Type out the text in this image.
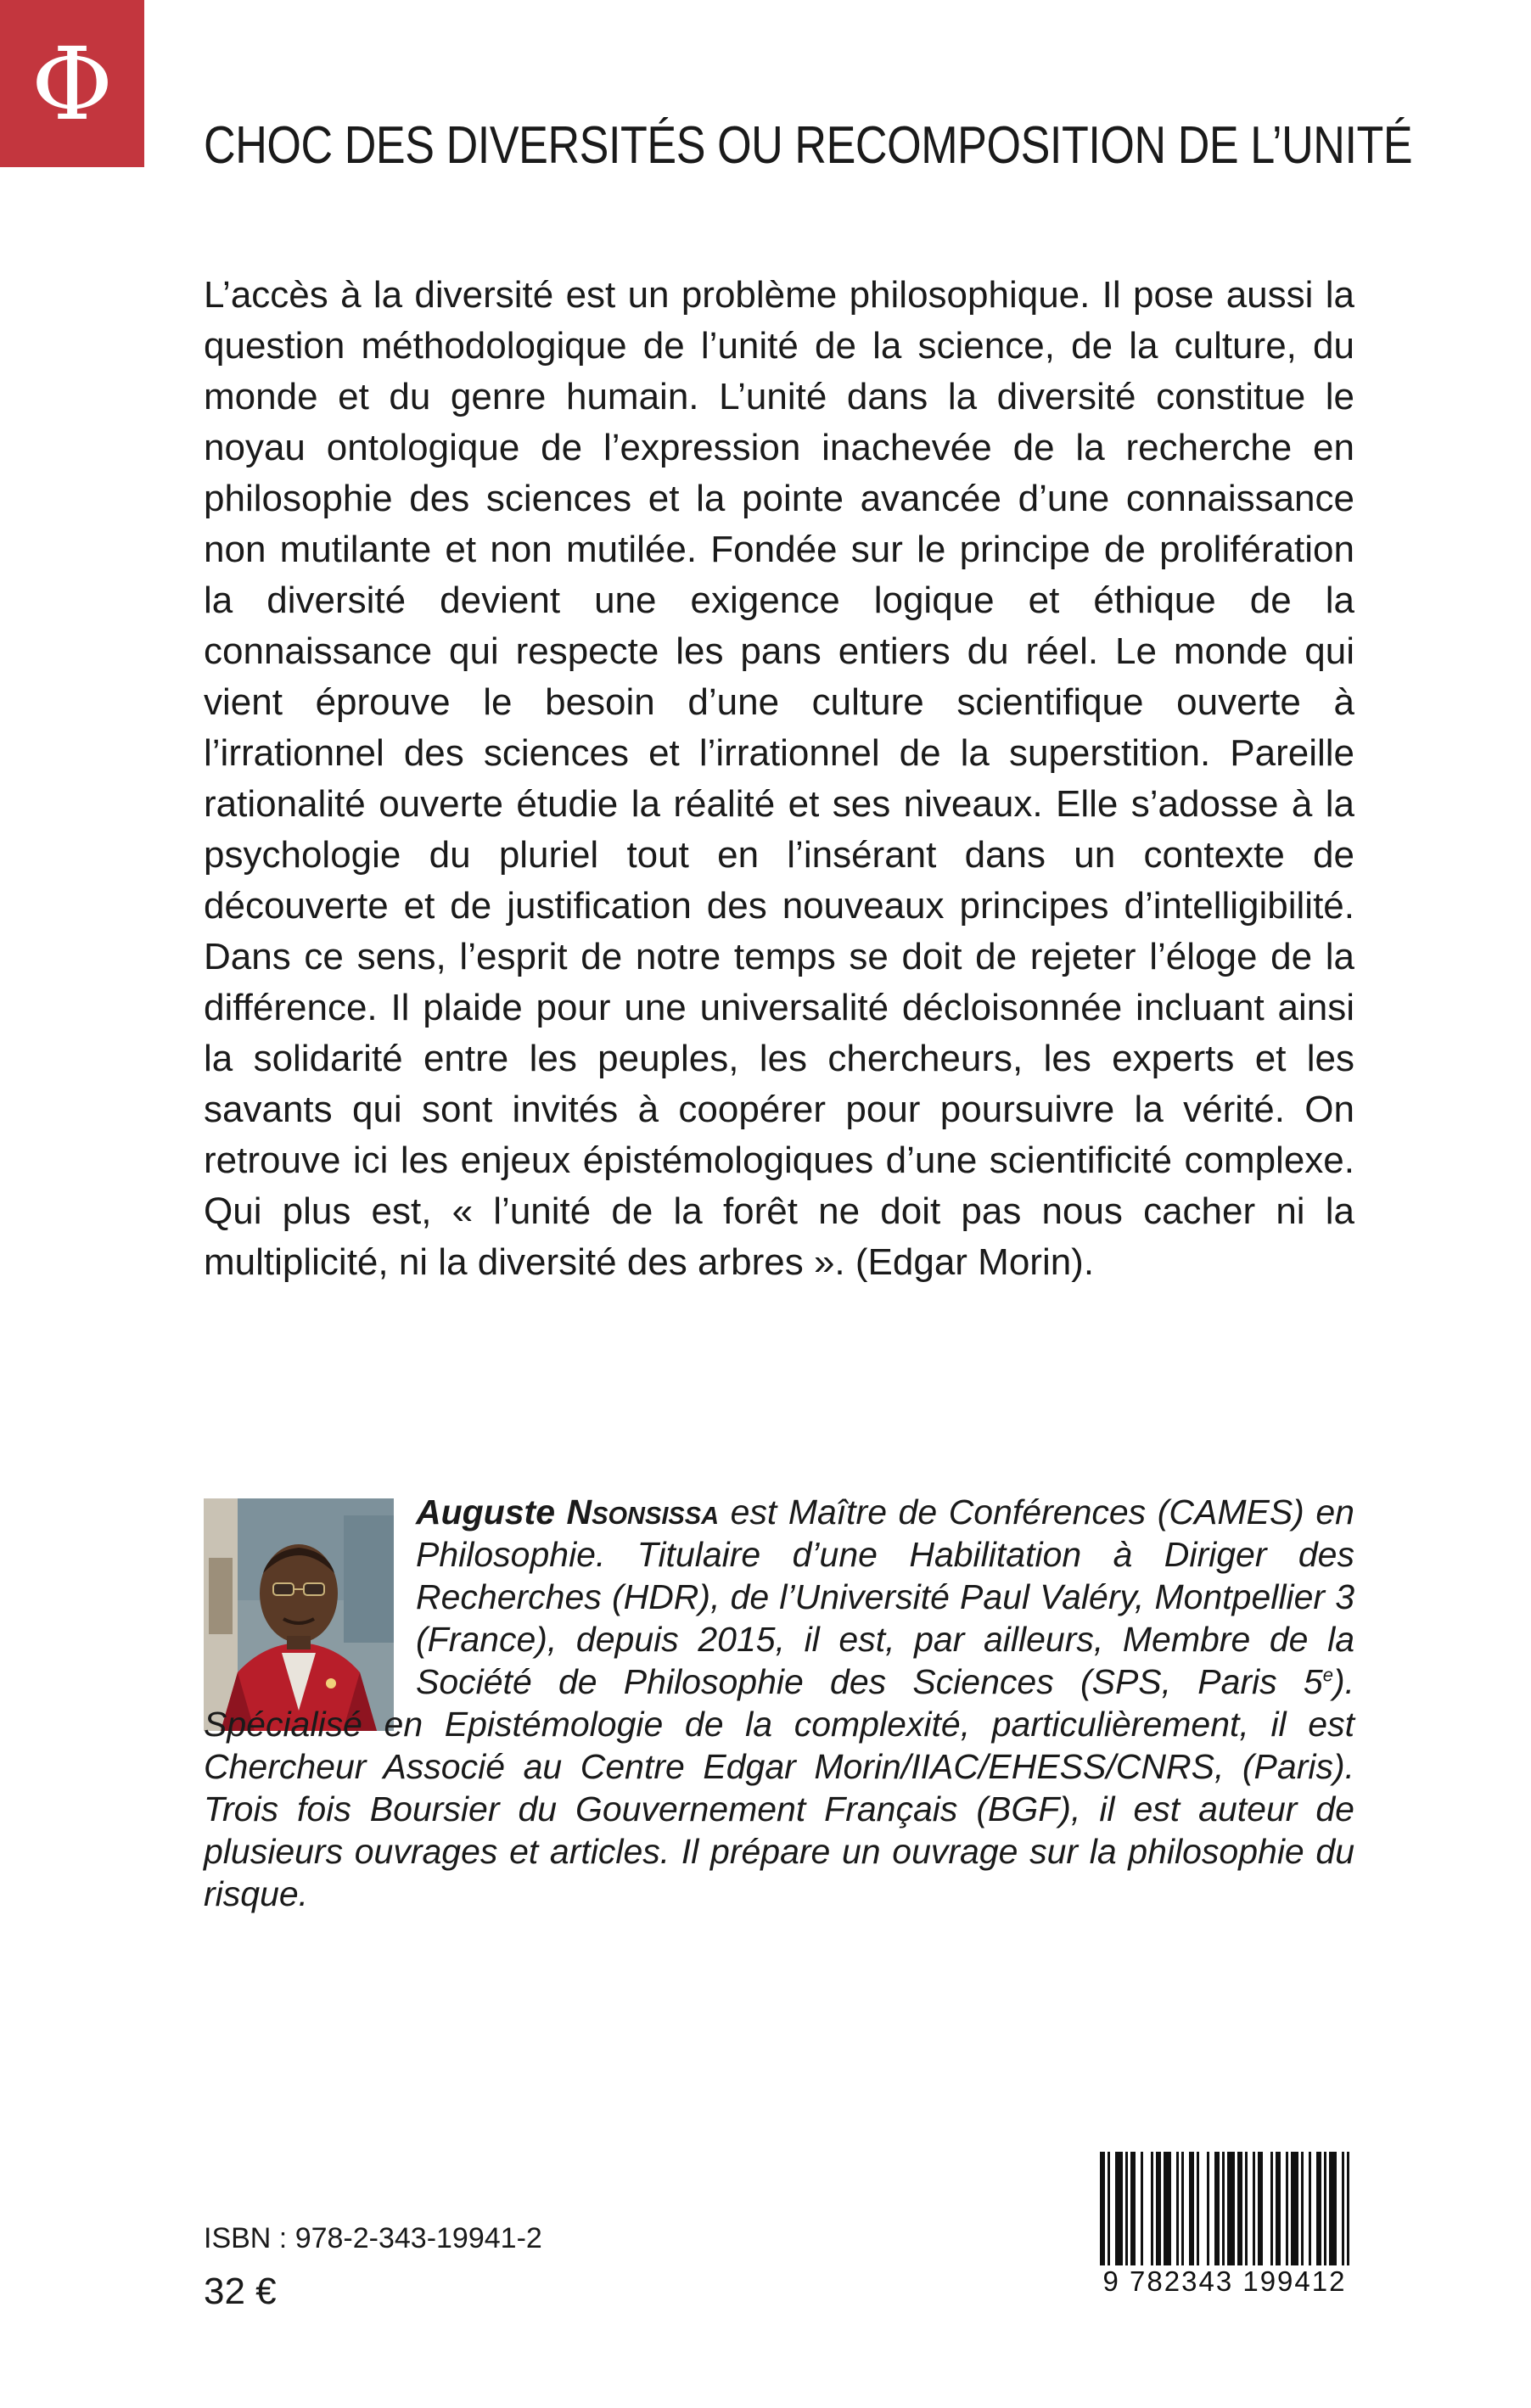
Φ
CHOC DES DIVERSITÉS OU RECOMPOSITION DE L’UNITÉ

L’accès à la diversité est un problème philosophique. Il pose aussi la question méthodologique de l’unité de la science, de la culture, du monde et du genre humain. L’unité dans la diversité constitue le noyau ontologique de l’expression inachevée de la recherche en philosophie des sciences et la pointe avancée d’une connaissance non mutilante et non mutilée. Fondée sur le principe de prolifération la diversité devient une exigence logique et éthique de la connaissance qui respecte les pans entiers du réel. Le monde qui vient éprouve le besoin d’une culture scientifique ouverte à l’irrationnel des sciences et l’irrationnel de la superstition. Pareille rationalité ouverte étudie la réalité et ses niveaux. Elle s’adosse à la psychologie du pluriel tout en l’insérant dans un contexte de découverte et de justification des nouveaux principes d’intelligibilité. Dans ce sens, l’esprit de notre temps se doit de rejeter l’éloge de la différence. Il plaide pour une universalité décloisonnée incluant ainsi la solidarité entre les peuples, les chercheurs, les experts et les savants qui sont invités à coopérer pour poursuivre la vérité. On retrouve ici les enjeux épistémologiques d’une scientificité complexe. Qui plus est, « l’unité de la forêt ne doit pas nous cacher ni la multiplicité, ni la diversité des arbres ». (Edgar Morin).

Auguste Nsonsissa est Maître de Conférences (CAMES) en Philosophie. Titulaire d’une Habilitation à Diriger des Recherches (HDR), de l’Université Paul Valéry, Montpellier 3 (France), depuis 2015, il est, par ailleurs, Membre de la Société de Philosophie des Sciences (SPS, Paris 5e). Spécialisé en Epistémologie de la complexité, particulièrement, il est Chercheur Associé au Centre Edgar Morin/IIAC/EHESS/CNRS, (Paris). Trois fois Boursier du Gouvernement Français (BGF), il est auteur de plusieurs ouvrages et articles. Il prépare un ouvrage sur la philosophie du risque.

ISBN : 978-2-343-19941-2

32 €	9 782343 199412
